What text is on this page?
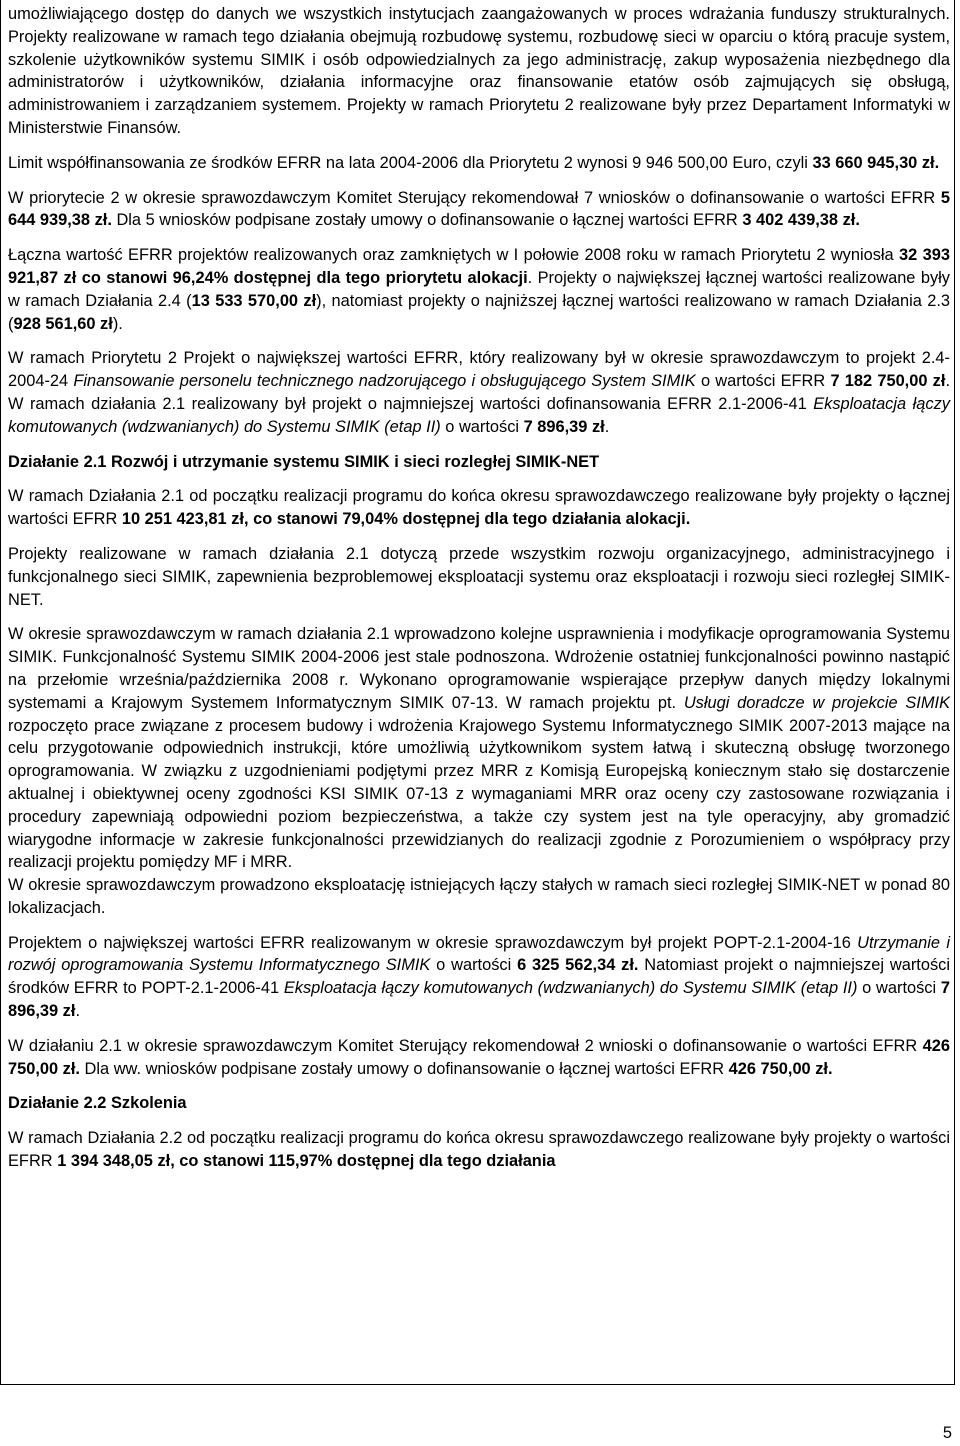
umożliwiającego dostęp do danych we wszystkich instytucjach zaangażowanych w proces wdrażania funduszy strukturalnych. Projekty realizowane w ramach tego działania obejmują rozbudowę systemu, rozbudowę sieci w oparciu o którą pracuje system, szkolenie użytkowników systemu SIMIK i osób odpowiedzialnych za jego administrację, zakup wyposażenia niezbędnego dla administratorów i użytkowników, działania informacyjne oraz finansowanie etatów osób zajmujących się obsługą, administrowaniem i zarządzaniem systemem. Projekty w ramach Priorytetu 2 realizowane były przez Departament Informatyki w Ministerstwie Finansów.

Limit współfinansowania ze środków EFRR na lata 2004-2006 dla Priorytetu 2 wynosi 9 946 500,00 Euro, czyli 33 660 945,30 zł.

W priorytecie 2 w okresie sprawozdawczym Komitet Sterujący rekomendował 7 wniosków o dofinansowanie o wartości EFRR 5 644 939,38 zł. Dla 5 wniosków podpisane zostały umowy o dofinansowanie o łącznej wartości EFRR 3 402 439,38 zł.

Łączna wartość EFRR projektów realizowanych oraz zamkniętych w I połowie 2008 roku w ramach Priorytetu 2 wyniosła 32 393 921,87 zł co stanowi 96,24% dostępnej dla tego priorytetu alokacji. Projekty o największej łącznej wartości realizowane były w ramach Działania 2.4 (13 533 570,00 zł), natomiast projekty o najniższej łącznej wartości realizowano w ramach Działania 2.3 (928 561,60 zł).

W ramach Priorytetu 2 Projekt o największej wartości EFRR, który realizowany był w okresie sprawozdawczym to projekt 2.4-2004-24 Finansowanie personelu technicznego nadzorującego i obsługującego System SIMIK o wartości EFRR 7 182 750,00 zł. W ramach działania 2.1 realizowany był projekt o najmniejszej wartości dofinansowania EFRR 2.1-2006-41 Eksploatacja łączy komutowanych (wdzwanianych) do Systemu SIMIK (etap II) o wartości 7 896,39 zł.

Działanie 2.1 Rozwój i utrzymanie systemu SIMIK i sieci rozległej SIMIK-NET

W ramach Działania 2.1 od początku realizacji programu do końca okresu sprawozdawczego realizowane były projekty o łącznej wartości EFRR 10 251 423,81 zł, co stanowi 79,04% dostępnej dla tego działania alokacji.

Projekty realizowane w ramach działania 2.1 dotyczą przede wszystkim rozwoju organizacyjnego, administracyjnego i funkcjonalnego sieci SIMIK, zapewnienia bezproblemowej eksploatacji systemu oraz eksploatacji i rozwoju sieci rozległej SIMIK-NET.

W okresie sprawozdawczym w ramach działania 2.1 wprowadzono kolejne usprawnienia i modyfikacje oprogramowania Systemu SIMIK. Funkcjonalność Systemu SIMIK 2004-2006 jest stale podnoszona. Wdrożenie ostatniej funkcjonalności powinno nastąpić na przełomie września/października 2008 r. Wykonano oprogramowanie wspierające przepływ danych między lokalnymi systemami a Krajowym Systemem Informatycznym SIMIK 07-13. W ramach projektu pt. Usługi doradcze w projekcie SIMIK rozpoczęto prace związane z procesem budowy i wdrożenia Krajowego Systemu Informatycznego SIMIK 2007-2013 mające na celu przygotowanie odpowiednich instrukcji, które umożliwią użytkownikom system łatwą i skuteczną obsługę tworzonego oprogramowania. W związku z uzgodnieniami podjętymi przez MRR z Komisją Europejską koniecznym stało się dostarczenie aktualnej i obiektywnej oceny zgodności KSI SIMIK 07-13 z wymaganiami MRR oraz oceny czy zastosowane rozwiązania i procedury zapewniają odpowiedni poziom bezpieczeństwa, a także czy system jest na tyle operacyjny, aby gromadzić wiarygodne informacje w zakresie funkcjonalności przewidzianych do realizacji zgodnie z Porozumieniem o współpracy przy realizacji projektu pomiędzy MF i MRR.

W okresie sprawozdawczym prowadzono eksploatację istniejących łączy stałych w ramach sieci rozległej SIMIK-NET w ponad 80 lokalizacjach.

Projektem o największej wartości EFRR realizowanym w okresie sprawozdawczym był projekt POPT-2.1-2004-16 Utrzymanie i rozwój oprogramowania Systemu Informatycznego SIMIK o wartości 6 325 562,34 zł. Natomiast projekt o najmniejszej wartości środków EFRR to POPT-2.1-2006-41 Eksploatacja łączy komutowanych (wdzwanianych) do Systemu SIMIK (etap II) o wartości 7 896,39 zł.

W działaniu 2.1 w okresie sprawozdawczym Komitet Sterujący rekomendował 2 wnioski o dofinansowanie o wartości EFRR 426 750,00 zł. Dla ww. wniosków podpisane zostały umowy o dofinansowanie o łącznej wartości EFRR 426 750,00 zł.

Działanie 2.2 Szkolenia

W ramach Działania 2.2 od początku realizacji programu do końca okresu sprawozdawczego realizowane były projekty o wartości EFRR 1 394 348,05 zł, co stanowi 115,97% dostępnej dla tego działania

5
